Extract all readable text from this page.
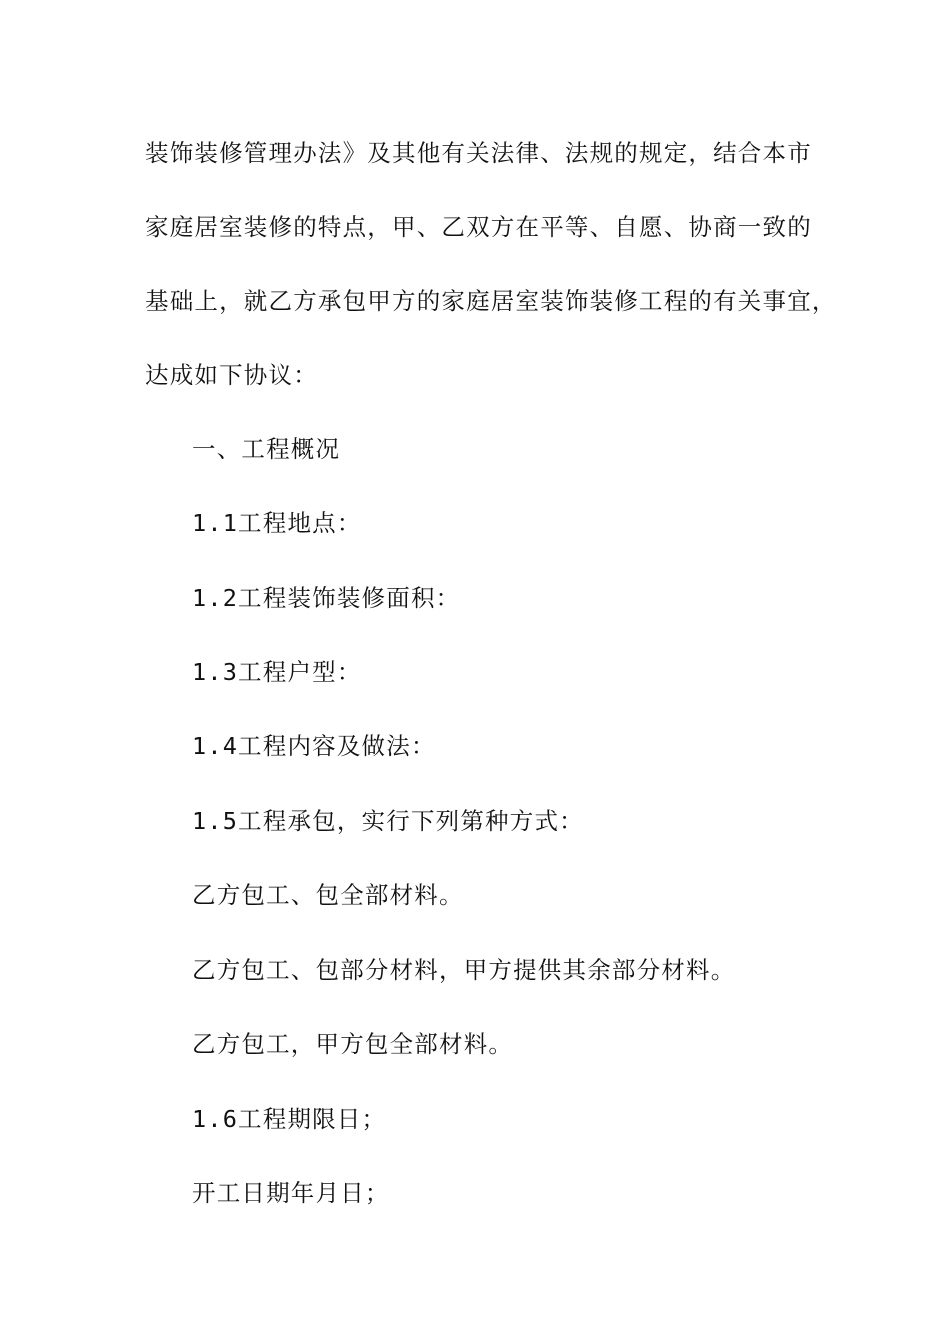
装饰装修管理办法》及其他有关法律、法规的规定，结合本市
家庭居室装修的特点，甲、乙双方在平等、自愿、协商一致的
基础上，就乙方承包甲方的家庭居室装饰装修工程的有关事宜，
达成如下协议：
一、工程概况
1.1工程地点：
1.2工程装饰装修面积：
1.3工程户型：
1.4工程内容及做法：
1.5工程承包，实行下列第种方式：
乙方包工、包全部材料。
乙方包工、包部分材料，甲方提供其余部分材料。
乙方包工，甲方包全部材料。
1.6工程期限日；
开工日期年月日；
